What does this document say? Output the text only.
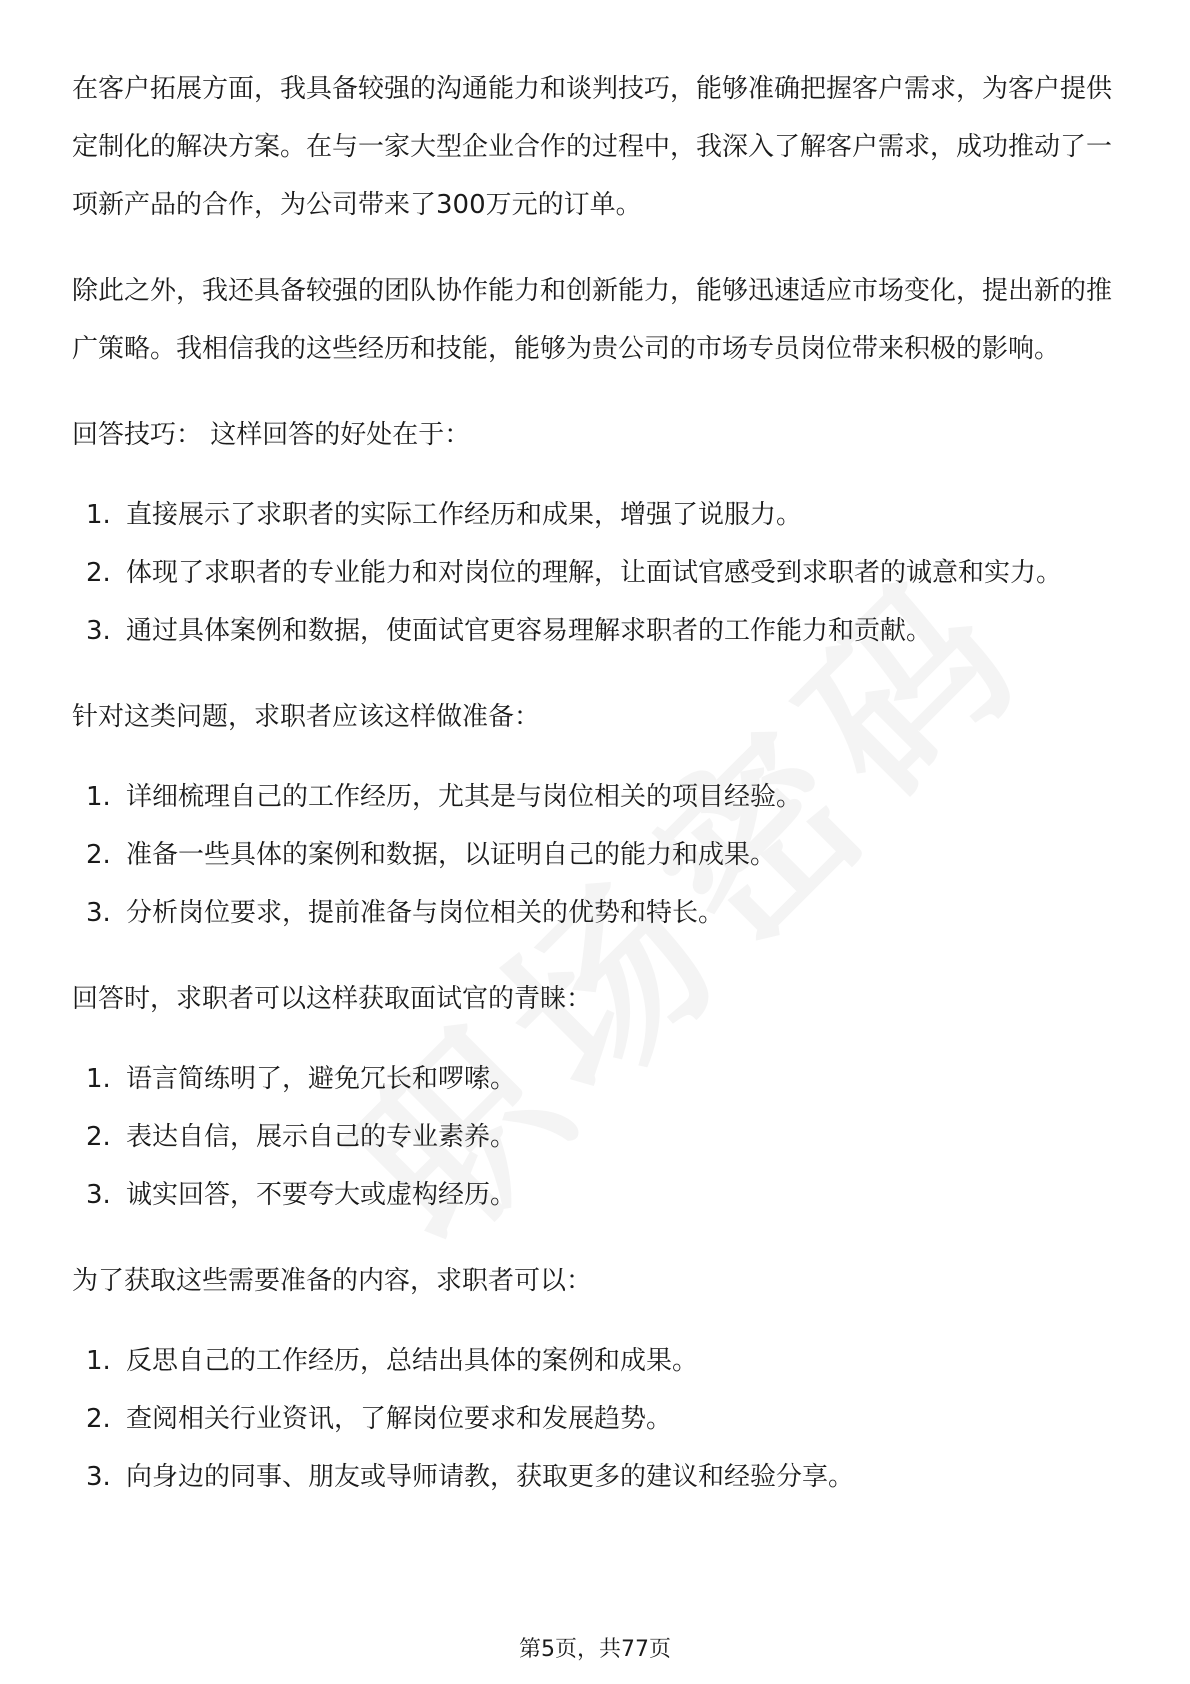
在客户拓展方面，我具备较强的沟通能力和谈判技巧，能够准确把握客户需求，为客户提供定制化的解决方案。在与一家大型企业合作的过程中，我深入了解客户需求，成功推动了一项新产品的合作，为公司带来了300万元的订单。

除此之外，我还具备较强的团队协作能力和创新能力，能够迅速适应市场变化，提出新的推广策略。我相信我的这些经历和技能，能够为贵公司的市场专员岗位带来积极的影响。

回答技巧： 这样回答的好处在于：
1. 直接展示了求职者的实际工作经历和成果，增强了说服力。
2. 体现了求职者的专业能力和对岗位的理解，让面试官感受到求职者的诚意和实力。
3. 通过具体案例和数据，使面试官更容易理解求职者的工作能力和贡献。
针对这类问题，求职者应该这样做准备：
1. 详细梳理自己的工作经历，尤其是与岗位相关的项目经验。
2. 准备一些具体的案例和数据，以证明自己的能力和成果。
3. 分析岗位要求，提前准备与岗位相关的优势和特长。
回答时，求职者可以这样获取面试官的青睐：
1. 语言简练明了，避免冗长和啰嗦。
2. 表达自信，展示自己的专业素养。
3. 诚实回答，不要夸大或虚构经历。
为了获取这些需要准备的内容，求职者可以：
1. 反思自己的工作经历，总结出具体的案例和成果。
2. 查阅相关行业资讯，了解岗位要求和发展趋势。
3. 向身边的同事、朋友或导师请教，获取更多的建议和经验分享。
第5页，共77页
